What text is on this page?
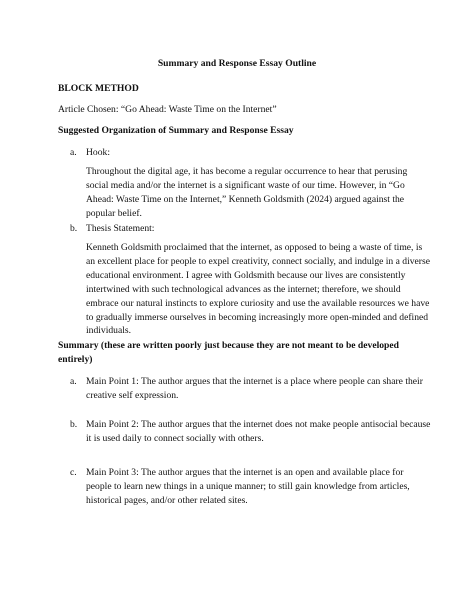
Summary and Response Essay Outline
BLOCK METHOD
Article Chosen: “Go Ahead: Waste Time on the Internet”
Suggested Organization of Summary and Response Essay
a. Hook:
Throughout the digital age, it has become a regular occurrence to hear that perusing social media and/or the internet is a significant waste of our time. However, in “Go Ahead: Waste Time on the Internet,” Kenneth Goldsmith (2024) argued against the popular belief.
b. Thesis Statement:
Kenneth Goldsmith proclaimed that the internet, as opposed to being a waste of time, is an excellent place for people to expel creativity, connect socially, and indulge in a diverse educational environment. I agree with Goldsmith because our lives are consistently intertwined with such technological advances as the internet; therefore, we should embrace our natural instincts to explore curiosity and use the available resources we have to gradually immerse ourselves in becoming increasingly more open-minded and defined individuals.
Summary (these are written poorly just because they are not meant to be developed entirely)
a. Main Point 1: The author argues that the internet is a place where people can share their creative self expression.
b. Main Point 2: The author argues that the internet does not make people antisocial because it is used daily to connect socially with others.
c. Main Point 3: The author argues that the internet is an open and available place for people to learn new things in a unique manner; to still gain knowledge from articles, historical pages, and/or other related sites.
